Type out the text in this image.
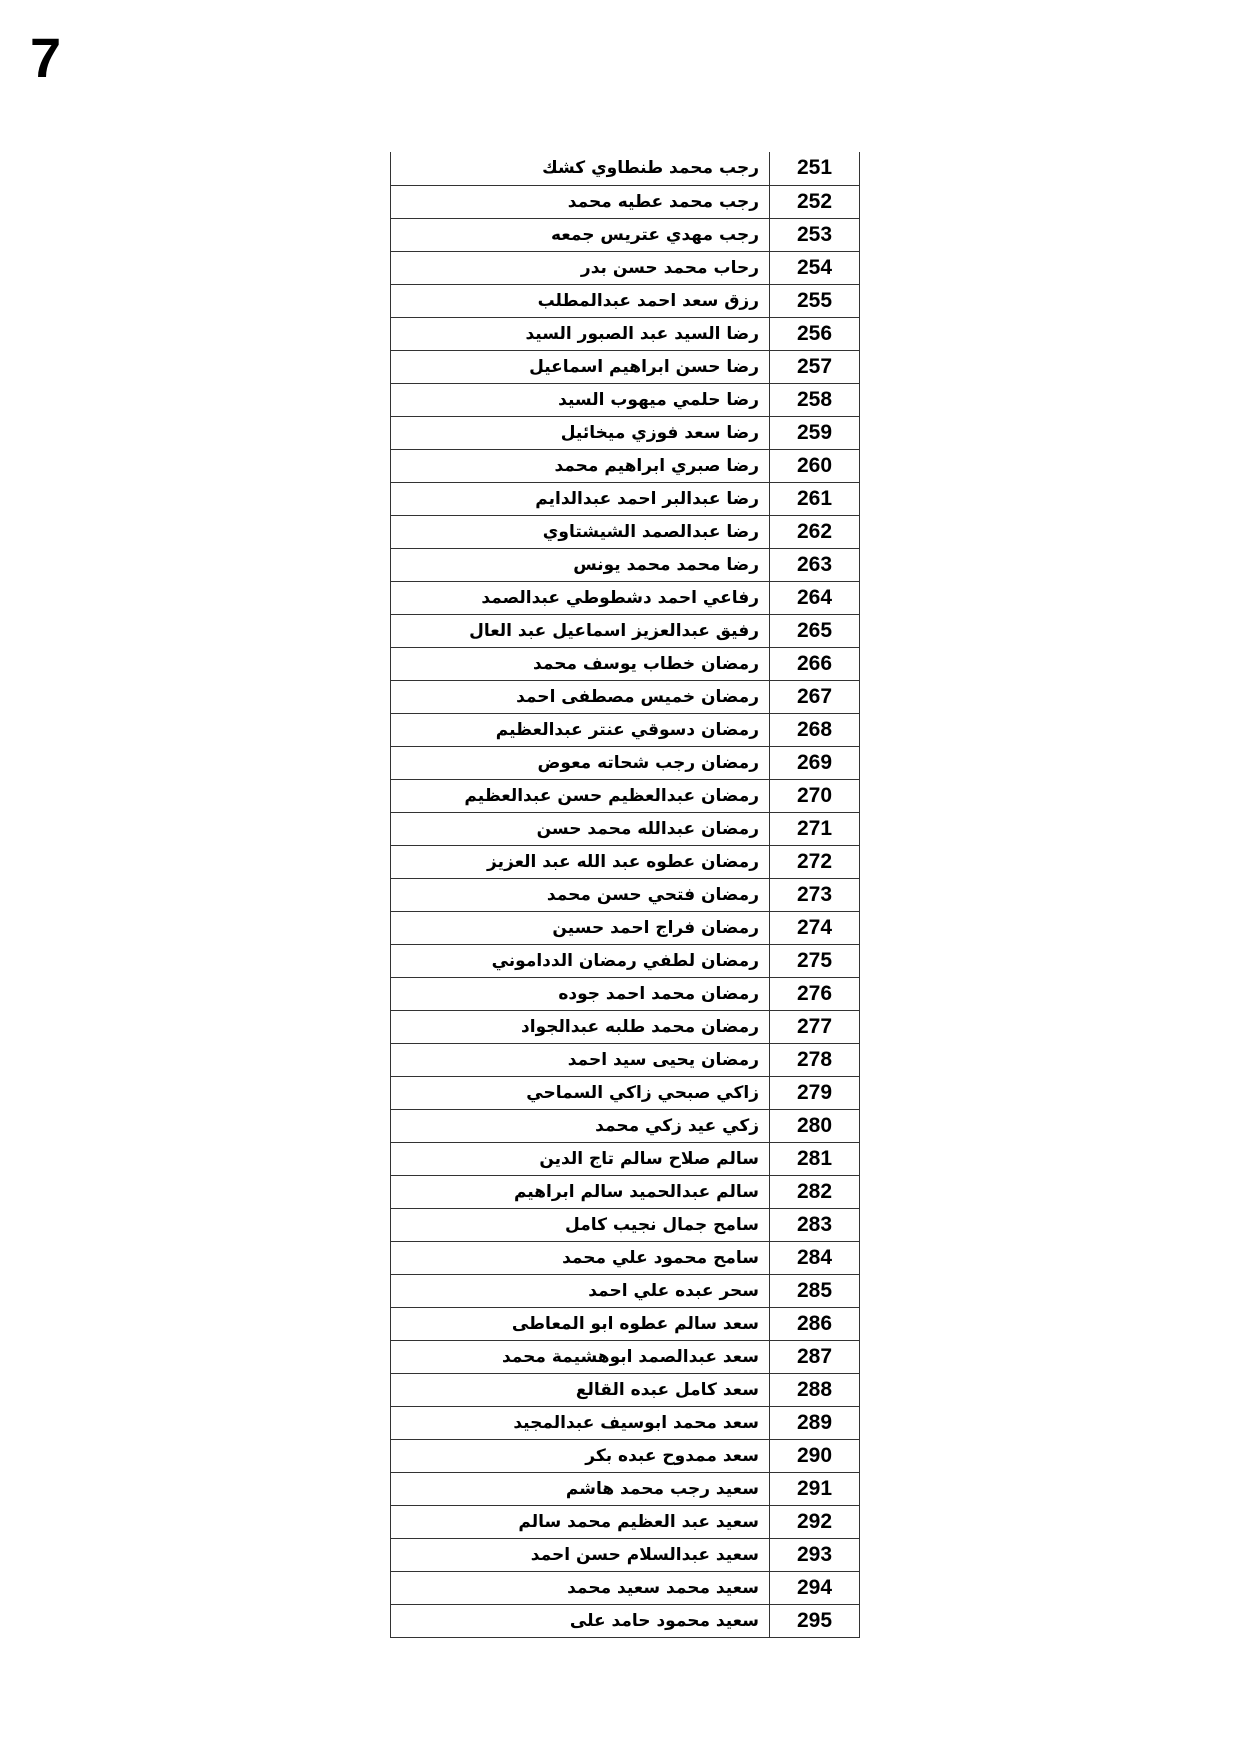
7
251	رجب محمد طنطاوي كشك
252	رجب محمد عطيه محمد
253	رجب مهدي عتريس جمعه
254	رحاب محمد حسن بدر
255	رزق سعد احمد عبدالمطلب
256	رضا السيد عبد الصبور السيد
257	رضا حسن ابراهيم اسماعيل
258	رضا حلمي ميهوب السيد
259	رضا سعد فوزي ميخائيل
260	رضا صبري ابراهيم محمد
261	رضا عبدالبر احمد عبدالدايم
262	رضا عبدالصمد الشيشتاوي
263	رضا محمد محمد يونس
264	رفاعي احمد دشطوطي عبدالصمد
265	رفيق عبدالعزيز اسماعيل عبد العال
266	رمضان خطاب يوسف محمد
267	رمضان خميس مصطفى احمد
268	رمضان دسوقي عنتر عبدالعظيم
269	رمضان رجب شحاته معوض
270	رمضان عبدالعظيم حسن عبدالعظيم
271	رمضان عبدالله محمد حسن
272	رمضان عطوه عبد الله عبد العزيز
273	رمضان فتحي حسن محمد
274	رمضان فراج احمد حسين
275	رمضان لطفي رمضان الدداموني
276	رمضان محمد احمد جوده
277	رمضان محمد طلبه عبدالجواد
278	رمضان يحيى سيد احمد
279	زاكي صبحي زاكي السماحي
280	زكي عيد زكي محمد
281	سالم صلاح سالم تاج الدين
282	سالم عبدالحميد سالم ابراهيم
283	سامح جمال نجيب كامل
284	سامح محمود علي محمد
285	سحر عبده علي احمد
286	سعد سالم عطوه ابو المعاطى
287	سعد عبدالصمد ابوهشيمة محمد
288	سعد كامل عبده القالع
289	سعد محمد ابوسيف عبدالمجيد
290	سعد ممدوح عبده بكر
291	سعيد رجب محمد هاشم
292	سعيد عبد العظيم محمد سالم
293	سعيد عبدالسلام حسن احمد
294	سعيد محمد سعيد محمد
295	سعيد محمود حامد على
